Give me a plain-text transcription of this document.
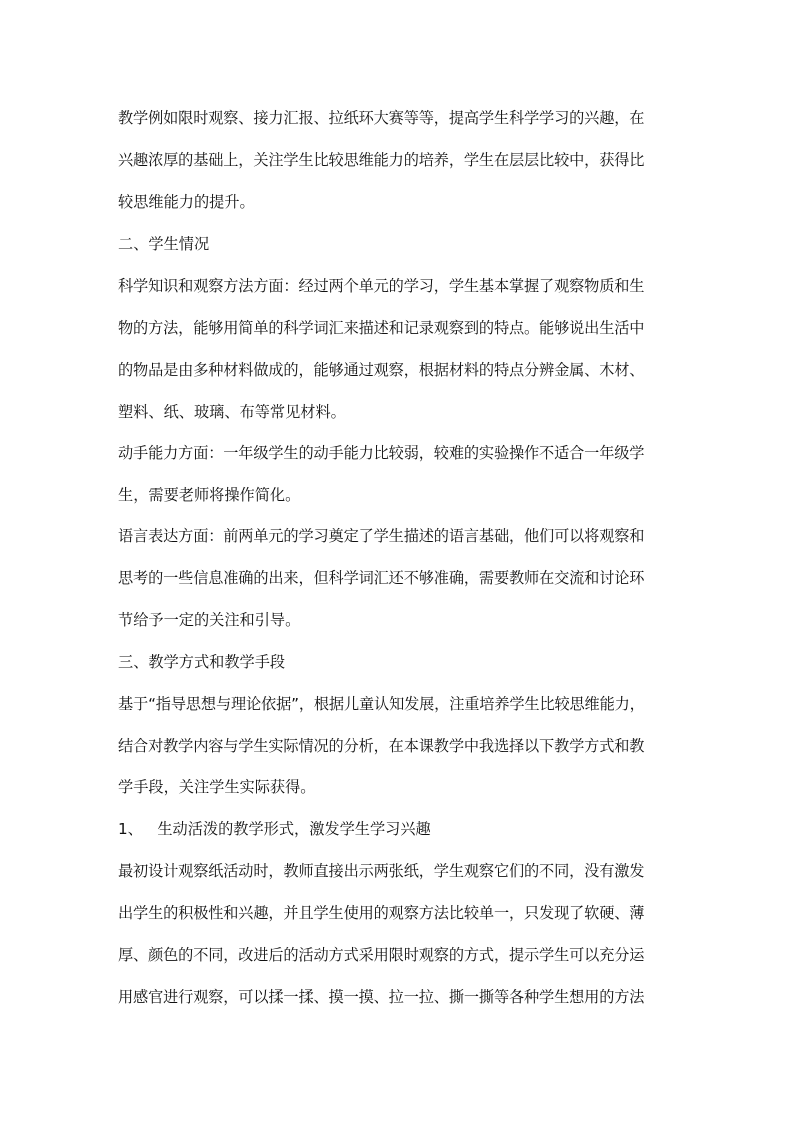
教学例如限时观察、接力汇报、拉纸环大赛等等，提高学生科学学习的兴趣，在
兴趣浓厚的基础上，关注学生比较思维能力的培养，学生在层层比较中，获得比
较思维能力的提升。
二、学生情况
科学知识和观察方法方面：经过两个单元的学习，学生基本掌握了观察物质和生
物的方法，能够用简单的科学词汇来描述和记录观察到的特点。能够说出生活中
的物品是由多种材料做成的，能够通过观察，根据材料的特点分辨金属、木材、
塑料、纸、玻璃、布等常见材料。
动手能力方面：一年级学生的动手能力比较弱，较难的实验操作不适合一年级学
生，需要老师将操作简化。
语言表达方面：前两单元的学习奠定了学生描述的语言基础，他们可以将观察和
思考的一些信息准确的出来，但科学词汇还不够准确，需要教师在交流和讨论环
节给予一定的关注和引导。
三、教学方式和教学手段
基于“指导思想与理论依据”，根据儿童认知发展，注重培养学生比较思维能力，
结合对教学内容与学生实际情况的分析，在本课教学中我选择以下教学方式和教
学手段，关注学生实际获得。
1、   生动活泼的教学形式，激发学生学习兴趣
最初设计观察纸活动时，教师直接出示两张纸，学生观察它们的不同，没有激发
出学生的积极性和兴趣，并且学生使用的观察方法比较单一，只发现了软硬、薄
厚、颜色的不同，改进后的活动方式采用限时观察的方式，提示学生可以充分运
用感官进行观察，可以揉一揉、摸一摸、拉一拉、撕一撕等各种学生想用的方法
